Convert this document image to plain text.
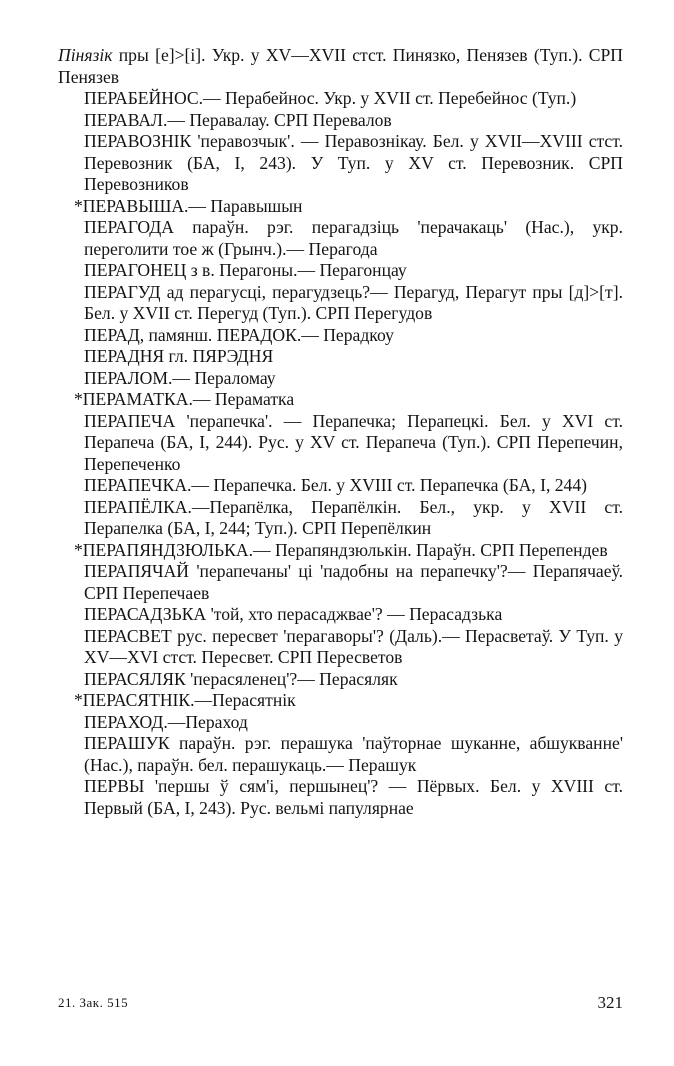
Пінязік пры [e]>[i]. Укр. у XV—XVII стст. Пинязко, Пенязев (Туп.). СРП Пенязев

ПЕРАБЕЙНОС.— Перабейнос. Укр. у XVII ст. Перебейнос (Туп.)

ПЕРАВАЛ.— Перавалау. СРП Перевалов

ПЕРАВОЗНІК 'перавозчык'. — Перавознікау. Бел. у XVII—XVIII стст. Перевозник (БА, I, 243). У Туп. у XV ст. Перевозник. СРП Перевозников

*ПЕРАВЫША.— Паравышын

ПЕРАГОДА параўн. рэг. перагадзіць 'перачакаць' (Нас.), укр. переголити тое ж (Грынч.).— Перагода

ПЕРАГОНЕЦ з в. Перагоны.— Перагонцау

ПЕРАГУД ад перагусці, перагудзець?— Перагуд, Перагут пры [д]>[т]. Бел. у XVII ст. Перегуд (Туп.). СРП Перегудов

ПЕРАД, памянш. ПЕРАДОК.— Перадкоу

ПЕРАДНЯ гл. ПЯРЭДНЯ

ПЕРАЛОМ.— Пераломау

*ПЕРАМАТКА.— Пераматка

ПЕРАПЕЧА 'перапечка'. — Перапечка; Перапецкі. Бел. у XVI ст. Перапеча (БА, I, 244). Рус. у XV ст. Перапеча (Туп.). СРП Перепечин, Перепеченко

ПЕРАПЕЧКА.— Перапечка. Бел. у XVIII ст. Перапечка (БА, I, 244)

ПЕРАПЁЛКА.—Перапёлка, Перапёлкін. Бел., укр. у XVII ст. Перапелка (БА, I, 244; Туп.). СРП Перепёлкин

*ПЕРАПЯНДЗЮЛЬКА.— Перапяндзюлькін. Параўн. СРП Перепендев

ПЕРАПЯЧАЙ 'перапечаны' ці 'падобны на перапечку'?— Перапячаеў. СРП Перепечаев

ПЕРАСАДЗЬКА 'той, хто перасаджвае'? — Перасадзька

ПЕРАСВЕТ рус. пересвет 'перагаворы'? (Даль).— Перасветаў. У Туп. у XV—XVI стст. Пересвет. СРП Пересветов

ПЕРАСЯЛЯК 'перасяленец'?— Перасяляк

*ПЕРАСЯТНІК.—Перасятнік

ПЕРАХОД.—Пераход

ПЕРАШУК параўн. рэг. перашука 'паўторнае шуканне, абшукванне' (Нас.), параўн. бел. перашукаць.— Перашук

ПЕРВЫ 'першы ў сям'і, першынец'? — Пёрвых. Бел. у XVIII ст. Первый (БА, I, 243). Рус. вельмі папулярнае

21. Зак. 515	321
